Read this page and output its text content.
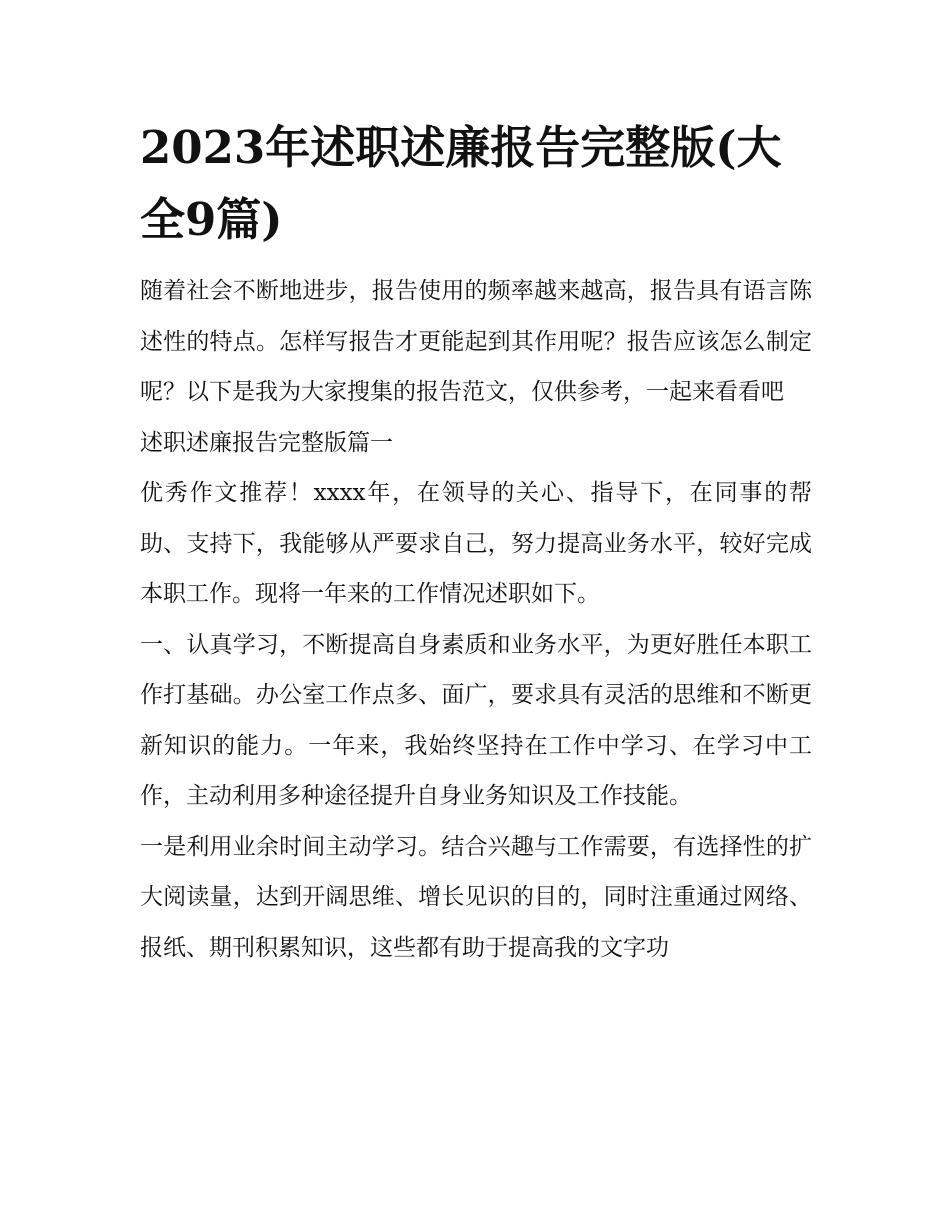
2023年述职述廉报告完整版(大全9篇)

随着社会不断地进步，报告使用的频率越来越高，报告具有语言陈述性的特点。怎样写报告才更能起到其作用呢？报告应该怎么制定呢？以下是我为大家搜集的报告范文，仅供参考，一起来看看吧

述职述廉报告完整版篇一

优秀作文推荐！xxxx年，在领导的关心、指导下，在同事的帮助、支持下，我能够从严要求自己，努力提高业务水平，较好完成本职工作。现将一年来的工作情况述职如下。

一、认真学习，不断提高自身素质和业务水平，为更好胜任本职工作打基础。办公室工作点多、面广，要求具有灵活的思维和不断更新知识的能力。一年来，我始终坚持在工作中学习、在学习中工作，主动利用多种途径提升自身业务知识及工作技能。

一是利用业余时间主动学习。结合兴趣与工作需要，有选择性的扩大阅读量，达到开阔思维、增长见识的目的，同时注重通过网络、报纸、期刊积累知识，这些都有助于提高我的文字功
